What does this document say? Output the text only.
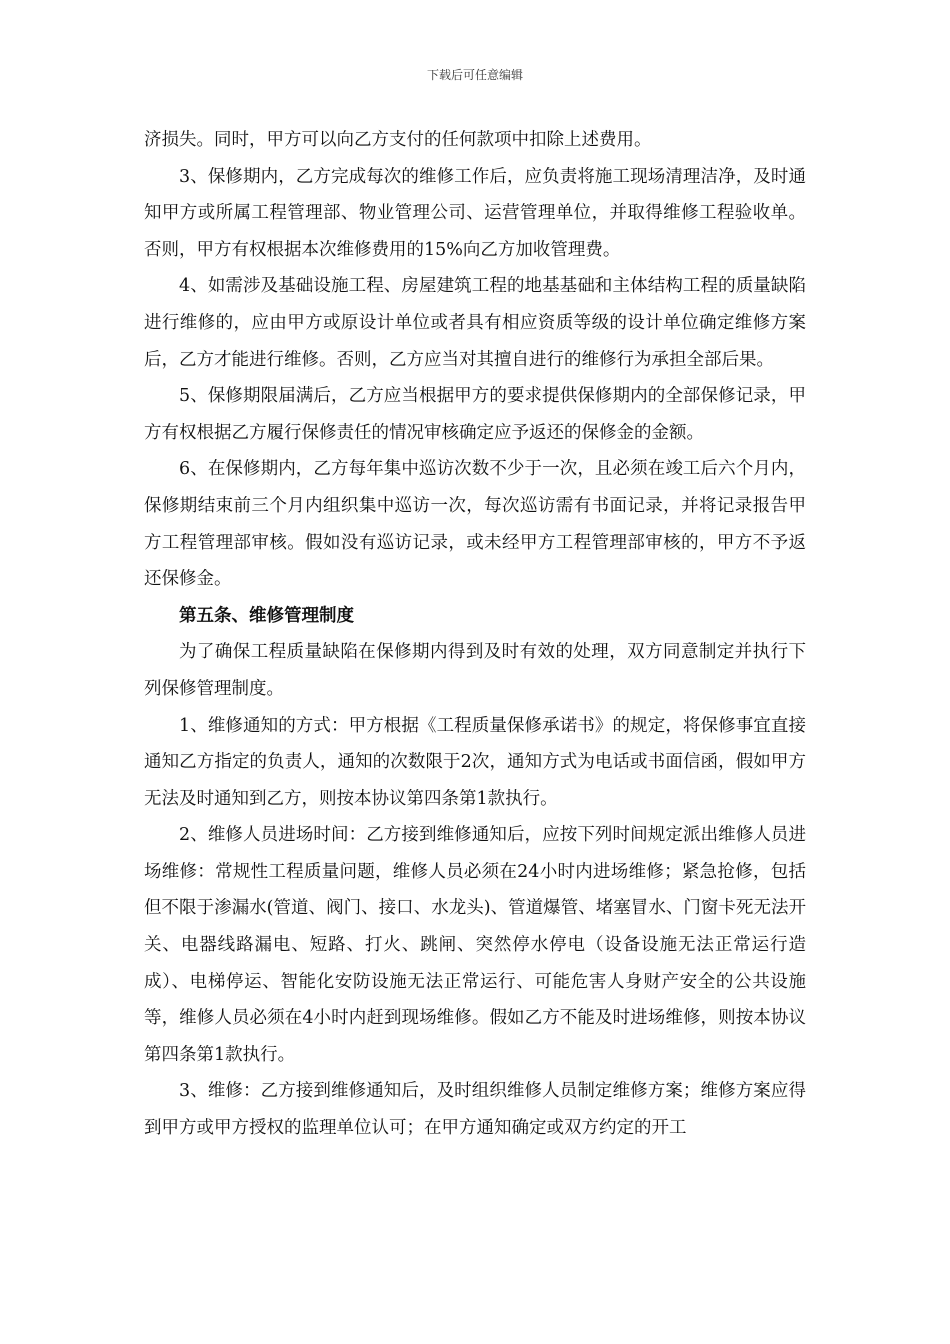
下载后可任意编辑

济损失。同时，甲方可以向乙方支付的任何款项中扣除上述费用。

3、保修期内，乙方完成每次的维修工作后，应负责将施工现场清理洁净，及时通知甲方或所属工程管理部、物业管理公司、运营管理单位，并取得维修工程验收单。否则，甲方有权根据本次维修费用的15%向乙方加收管理费。

4、如需涉及基础设施工程、房屋建筑工程的地基基础和主体结构工程的质量缺陷进行维修的，应由甲方或原设计单位或者具有相应资质等级的设计单位确定维修方案后，乙方才能进行维修。否则，乙方应当对其擅自进行的维修行为承担全部后果。

5、保修期限届满后，乙方应当根据甲方的要求提供保修期内的全部保修记录，甲方有权根据乙方履行保修责任的情况审核确定应予返还的保修金的金额。

6、在保修期内，乙方每年集中巡访次数不少于一次，且必须在竣工后六个月内，保修期结束前三个月内组织集中巡访一次，每次巡访需有书面记录，并将记录报告甲方工程管理部审核。假如没有巡访记录，或未经甲方工程管理部审核的，甲方不予返还保修金。

第五条、维修管理制度

为了确保工程质量缺陷在保修期内得到及时有效的处理，双方同意制定并执行下列保修管理制度。

1、维修通知的方式：甲方根据《工程质量保修承诺书》的规定，将保修事宜直接通知乙方指定的负责人，通知的次数限于2次，通知方式为电话或书面信函，假如甲方无法及时通知到乙方，则按本协议第四条第1款执行。

2、维修人员进场时间：乙方接到维修通知后，应按下列时间规定派出维修人员进场维修：常规性工程质量问题，维修人员必须在24小时内进场维修；紧急抢修，包括但不限于渗漏水(管道、阀门、接口、水龙头)、管道爆管、堵塞冒水、门窗卡死无法开关、电器线路漏电、短路、打火、跳闸、突然停水停电（设备设施无法正常运行造成）、电梯停运、智能化安防设施无法正常运行、可能危害人身财产安全的公共设施等，维修人员必须在4小时内赶到现场维修。假如乙方不能及时进场维修，则按本协议第四条第1款执行。

3、维修：乙方接到维修通知后，及时组织维修人员制定维修方案；维修方案应得到甲方或甲方授权的监理单位认可；在甲方通知确定或双方约定的开工
